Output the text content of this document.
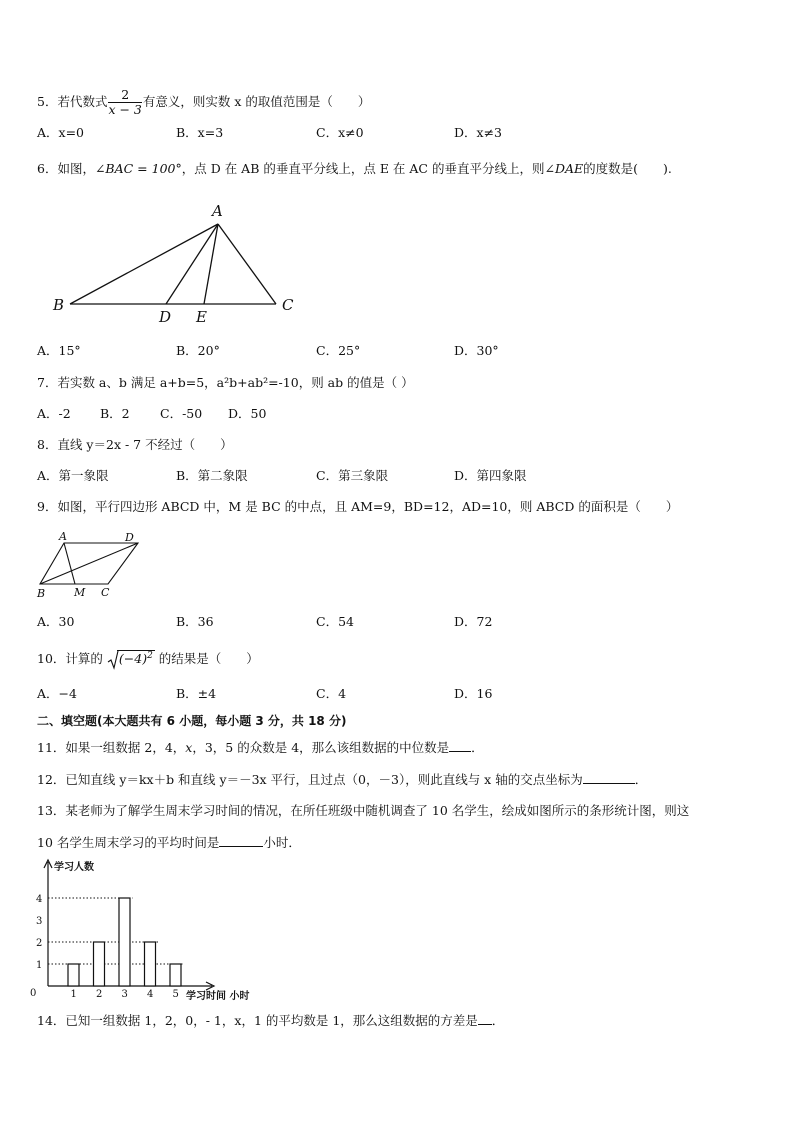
5．若代数式 $\frac{2}{x - 3}$ 有意义，则实数 x 的取值范围是（　　）
A．x=0	B．x=3	C．x≠0	D．x≠3
6．如图，∠BAC = 100°，点 D 在 AB 的垂直平分线上，点 E 在 AC 的垂直平分线上，则∠DAE的度数是(　　).
A
B	C
D E
A．15°	B．20°	C．25°	D．30°
7．若实数 a、b 满足 a+b=5，a²b+ab²=-10，则 ab 的值是（ ）
A．-2 B．2 C．-50 D．50
8．直线 y＝2x - 7 不经过（　　）
A．第一象限	B．第二象限	C．第三象限	D．第四象限
9．如图，平行四边形 ABCD 中，M 是 BC 的中点，且 AM=9，BD=12，AD=10，则 ABCD 的面积是（　　）
A	D
B	M C
A．30	B．36	C．54	D．72
10．计算的 $(-4)^2$ 的结果是（　　）
A．−4	B．±4	C．4	D．16
二、填空题(本大题共有 6 小题，每小题 3 分，共 18 分)
11．如果一组数据 2，4，x，3，5 的众数是 4，那么该组数据的中位数是 ．
12．已知直线 y＝kx＋b 和直线 y＝－3x 平行，且过点（0，－3），则此直线与 x 轴的交点坐标为	．
13．某老师为了解学生周末学习时间的情况，在所任班级中随机调查了 10 名学生，绘成如图所示的条形统计图，则这
10 名学生周末学习的平均时间是	小时．
1
2
3
4
1 2 3 4 5
0
学习人数
学习时间 小时
14．已知一组数据 1，2，0，- 1，x，1 的平均数是 1，那么这组数据的方差是 ．
